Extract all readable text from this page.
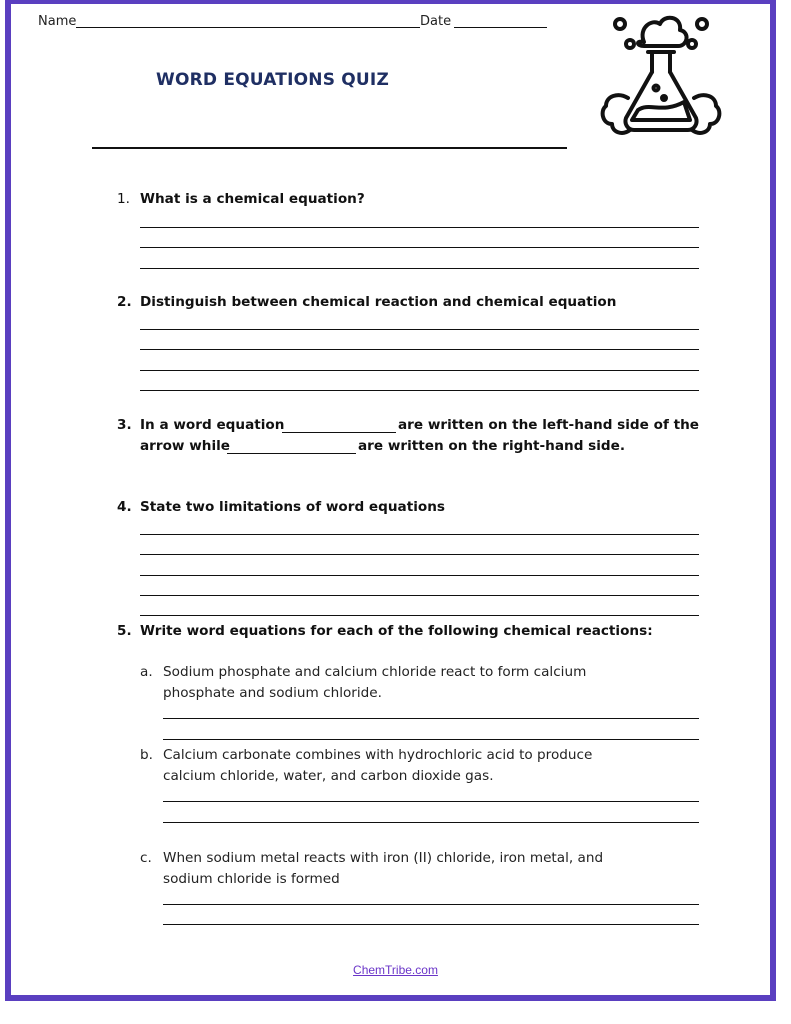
Name	Date
WORD EQUATIONS QUIZ
1. What is a chemical equation?
2. Distinguish between chemical reaction and chemical equation
3. In a word equation	are written on the left-hand side of the
arrow while	are written on the right-hand side.
4. State two limitations of word equations
5. Write word equations for each of the following chemical reactions:
a. Sodium phosphate and calcium chloride react to form calcium
phosphate and sodium chloride.
b. Calcium carbonate combines with hydrochloric acid to produce
calcium chloride, water, and carbon dioxide gas.
c. When sodium metal reacts with iron (II) chloride, iron metal, and
sodium chloride is formed
ChemTribe.com
